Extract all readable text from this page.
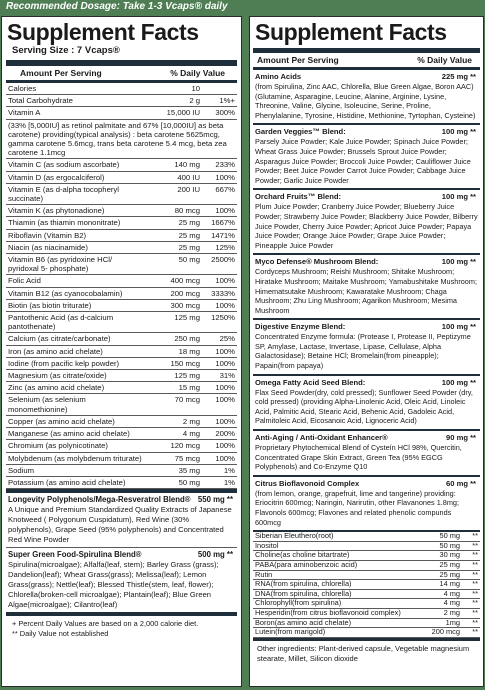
Recommended Dosage: Take 1-3 Vcaps® daily
Supplement Facts
Serving Size : 7 Vcaps®
Amount Per Serving	% Daily Value
Calories	10	
Total Carbohydrate	2 g	1%+
Vitamin A	15,000 IU	300%
(33% [5,000IU] as retinol palmitate and 67% [10,000IU] as beta carotene) providing(typical analysis) : beta carotene 5625mcg, gamma carotene 5.6mcg, trans beta carotene 5.4 mcg, beta zea carotene 1.1mcg		
Vitamin C (as sodium ascorbate)	140 mg	233%
Vitamin D (as ergocalciferol)	400 IU	100%
Vitamin E (as d-alpha tocopheryl succinate)	200 IU	667%
Vitamin K (as phytonadione)	80 mcg	100%
Thiamin (as thiamin mononitrate)	25 mg	1667%
Riboflavin (Vitamin B2)	25 mg	1471%
Niacin (as niacinamide)	25 mg	125%
Vitamin B6 (as pyridoxine HCl/ pyridoxal 5- phosphate)	50 mg	2500%
Folic Acid	400 mcg	100%
Vitamin B12 (as cyanocobalamin)	200 mcg	3333%
Biotin (as biotin triturate)	300 mcg	100%
Pantothenic Acid (as d-calcium pantothenate)	125 mg	1250%
Calcium (as citrate/carbonate)	250 mg	25%
Iron (as amino acid chelate)	18 mg	100%
Iodine (from pacific kelp powder)	150 mcg	100%
Magnesium (as citrate/oxide)	125 mg	31%
Zinc (as amino acid chelate)	15 mg	100%
Selenium (as selenium monomethionine)	70 mcg	100%
Copper (as amino acid chelate)	2 mg	100%
Manganese (as amino acid chelate)	4 mg	200%
Chromium (as polynicotinate)	120 mcg	100%
Molybdenum (as molybdenum triturate)	75 mcg	100%
Sodium	35 mg	1%
Potassium (as amino acid chelate)	50 mg	1%
Longevity Polyphenols/Mega-Resveratrol Blend® 550 mg **
A Unique and Premium Standardized Quality Extracts of Japanese Knotweed ( Polygonum Cuspidatum), Red Wine (30% polyphenols), Grape Seed (95% polyphenols) and Concentrated Red Wine Powder
Super Green Food-Spirulina Blend®	500 mg **
Spirulina(microalgae); Alfalfa(leaf, stem); Barley Grass (grass); Dandelion(leaf); Wheat Grass(grass); Melissa(leaf); Lemon Grass(grass); Nettle(leaf); Blessed Thistle(stem, leaf, flower); Chlorella(broken-cell microalgae); Plantain(leaf); Blue Green Algae(microalgae); Cilantro(leaf)
+ Percent Daily Values are based on a 2,000 calorie diet.
** Daily Value not established
Supplement Facts
Amount Per Serving	% Daily Value
Amino Acids	225 mg **
(from Spirulina, Zinc AAC, Chlorella, Blue Green Algae, Boron AAC) (Glutamine, Asparagine, Leucine, Alanine, Arginine, Lysine, Threonine, Valine, Glycine, Isoleucine, Serine, Proline, Phenylalanine, Tyrosine, Histidine, Methionine, Tyrtophan, Cysteine)
Garden Veggies™ Blend:	100 mg **
Parsely Juice Powder; Kale Juice Powder; Spinach Juice Powder; Wheat Grass Juice Powder; Brussels Sprout Juice Powder; Asparagus Juice Powder; Broccoli Juice Powder; Cauliflower Juice Powder; Beet Juice Powder Carrot Juice Powder; Cabbage Juice Powder; Garlic Juice Powder
Orchard Fruits™ Blend:	100 mg **
Plum Juice Powder; Cranberry Juice Powder; Blueberry Juice Powder; Strawberry Juice Powder; Blackberry Juice Powder, Bilberry Juice Powder, Cherry Juice Powder; Apricot Juice Powder; Papaya Juice Powder; Orange Juice Powder; Grape Juice Powder; Pineapple Juice Powder
Myco Defense® Mushroom Blend:	100 mg **
Cordyceps Mushroom; Reishi Mushroom; Shitake Mushroom; Hiratake Mushroom; Maitake Mushroom; Yamabushitake Mushroom; Himematsutake Mushroom; Kawaratake Mushroom; Chaga Mushroom; Zhu Ling Mushroom; Agarikon Mushroom; Mesima Mushroom
Digestive Enzyme Blend:	100 mg **
Concentrated Enzyme formula: (Protease I, Protease II, Peptizyme SP, Amylase, Lactase, Invertase, Lipase, Cellulase, Alpha Galactosidase); Betaine HCl; Bromelain(from pineapple); Papain(from papaya)
Omega Fatty Acid Seed Blend:	100 mg **
Flax Seed Powder(dry, cold pressed); Sunflower Seed Powder (dry, cold pressed) (providing Alpha-Linolenic Acid, Oleic Acid, Linoleic Acid, Palmitic Acid, Stearic Acid, Behenic Acid, Gadoleic Acid, Palmitoleic Acid, Eicosanoic Acid, Lignoceric Acid)
Anti-Aging / Anti-Oxidant Enhancer®	90 mg **
Proprietary Phytochemical Blend of Cysteín HCl 98%, Quercitin, Concentrated Grape Skin Extract, Green Tea (95% EGCG Polyphenols) and Co-Enzyme Q10
Citrus Bioflavonoid Complex	60 mg **
(from lemon, orange, grapefruit, lime and tangerine) providing: Eriocitrin 600mcg; Naringin, Narirutin, other Flavanones 1.8mg; Flavonols 600mcg; Flavones and related phenolic compunds 600mcg
Siberian Eleuthero(root)	50 mg	**
Inositol	50 mg	**
Choline(as choline bitartrate)	30 mg	**
PABA(para aminobenzoic acid)	25 mg	**
Rutin	25 mg	**
RNA(from spirulina, chlorella)	14 mg	**
DNA(from spirulina, chlorella)	4 mg	**
Chlorophyll(from spirulina)	4 mg	**
Hesperidin(from citrus bioflavonoid complex)	2 mg	**
Boron(as amino acid chelate)	1mg	**
Lutein(from marigold)	200 mcg	**
Other ingredients: Plant-derived capsule, Vegetable magnesium stearate, Millet, Silicon dioxide
